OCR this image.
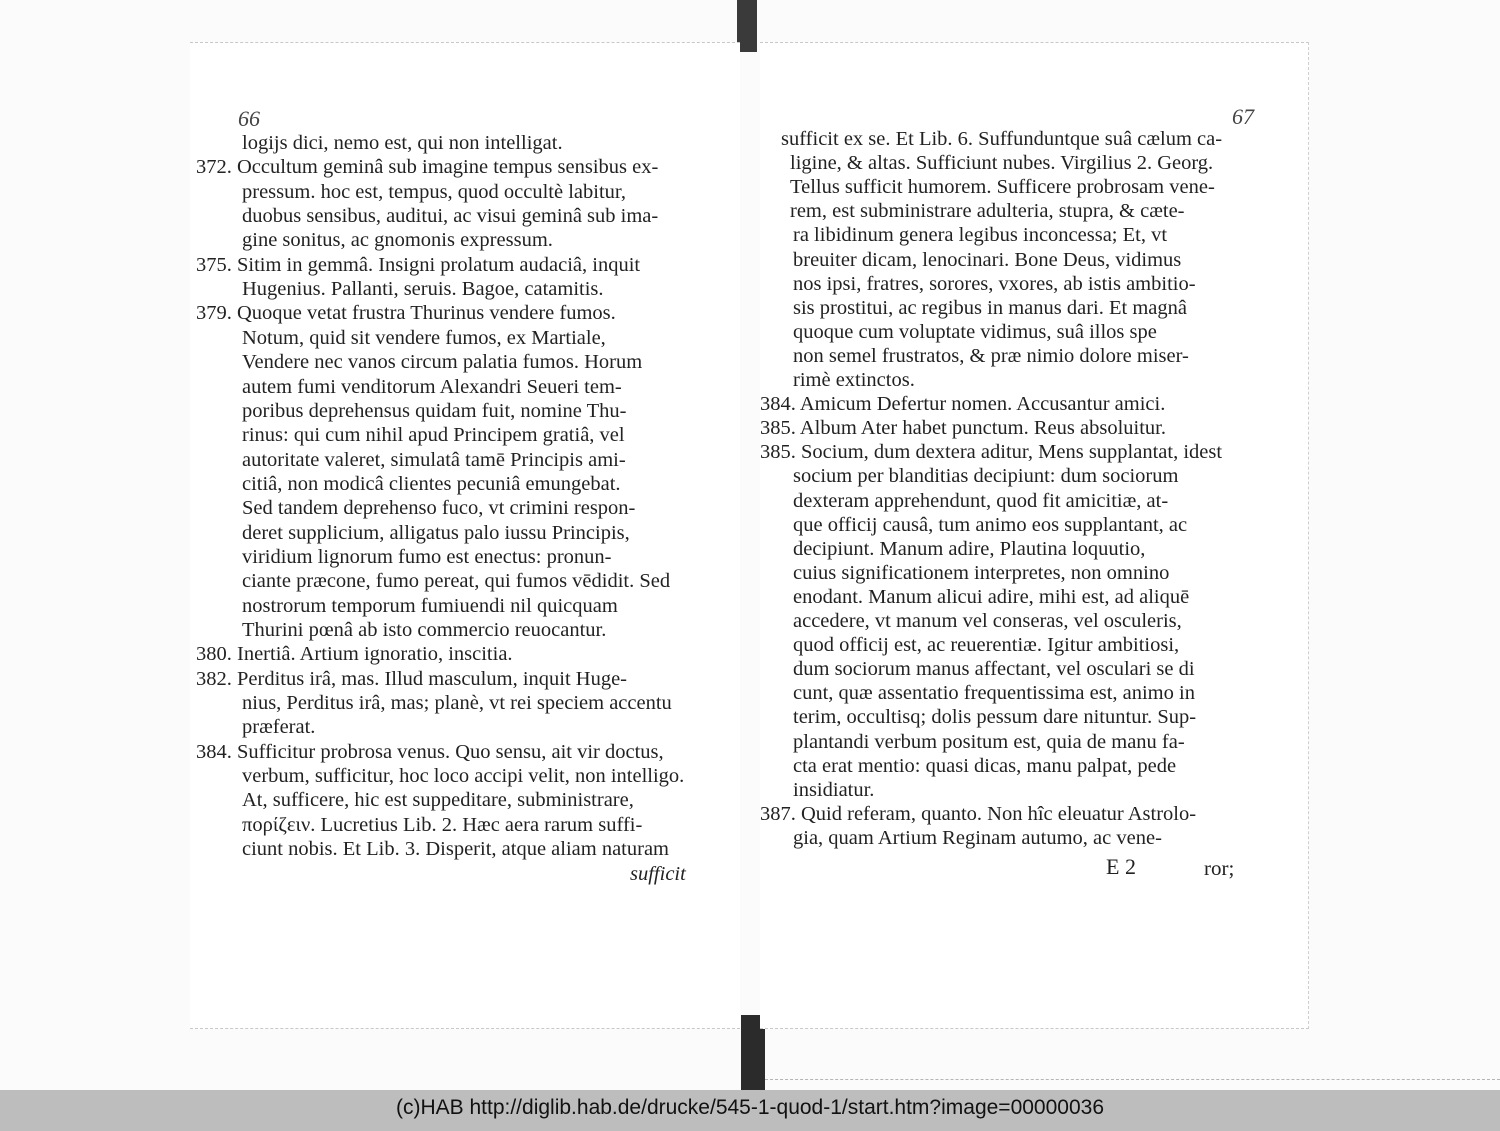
66	67
logijs dici, nemo est, qui non intelligat.
372. Occultum geminâ sub imagine tempus sensibus ex-
pressum. hoc est, tempus, quod occultè labitur,
duobus sensibus, auditui, ac visui geminâ sub ima-
gine sonitus, ac gnomonis expressum.
375. Sitim in gemmâ. Insigni prolatum audaciâ, inquit
Hugenius. Pallanti, seruis. Bagoe, catamitis.
379. Quoque vetat frustra Thurinus vendere fumos.
Notum, quid sit vendere fumos, ex Martiale,
Vendere nec vanos circum palatia fumos. Horum
autem fumi venditorum Alexandri Seueri tem-
poribus deprehensus quidam fuit, nomine Thu-
rinus: qui cum nihil apud Principem gratiâ, vel
autoritate valeret, simulatâ tamē Principis ami-
citiâ, non modicâ clientes pecuniâ emungebat.
Sed tandem deprehenso fuco, vt crimini respon-
deret supplicium, alligatus palo iussu Principis,
viridium lignorum fumo est enectus: pronun-
ciante præcone, fumo pereat, qui fumos vēdidit. Sed
nostrorum temporum fumiuendi nil quicquam
Thurini pœnâ ab isto commercio reuocantur.
380. Inertiâ. Artium ignoratio, inscitia.
382. Perditus irâ, mas. Illud masculum, inquit Huge-
nius, Perditus irâ, mas; planè, vt rei speciem accentu
præferat.
384. Sufficitur probrosa venus. Quo sensu, ait vir doctus,
verbum, sufficitur, hoc loco accipi velit, non intelligo.
At, sufficere, hic est suppeditare, subministrare,
πορίζειν. Lucretius Lib. 2. Hæc aera rarum suffi-
ciunt nobis. Et Lib. 3. Disperit, atque aliam naturam
sufficit
sufficit ex se. Et Lib. 6. Suffunduntque suâ cælum ca-
ligine, & altas. Sufficiunt nubes. Virgilius 2. Georg.
Tellus sufficit humorem. Sufficere probrosam vene-
rem, est subministrare adulteria, stupra, & cæte-
ra libidinum genera legibus inconcessa; Et, vt
breuiter dicam, lenocinari. Bone Deus, vidimus
nos ipsi, fratres, sorores, vxores, ab istis ambitio-
sis prostitui, ac regibus in manus dari. Et magnâ
quoque cum voluptate vidimus, suâ illos spe
non semel frustratos, & præ nimio dolore miser-
rimè extinctos.
384. Amicum Defertur nomen. Accusantur amici.
385. Album Ater habet punctum. Reus absoluitur.
385. Socium, dum dextera aditur, Mens supplantat, idest
socium per blanditias decipiunt: dum sociorum
dexteram apprehendunt, quod fit amicitiæ, at-
que officij causâ, tum animo eos supplantant, ac
decipiunt. Manum adire, Plautina loquutio,
cuius significationem interpretes, non omnino
enodant. Manum alicui adire, mihi est, ad aliquē
accedere, vt manum vel conseras, vel osculeris,
quod officij est, ac reuerentiæ. Igitur ambitiosi,
dum sociorum manus affectant, vel osculari se di
cunt, quæ assentatio frequentissima est, animo in
terim, occultisq; dolis pessum dare nituntur. Sup-
plantandi verbum positum est, quia de manu fa-
cta erat mentio: quasi dicas, manu palpat, pede
insidiatur.
387. Quid referam, quanto. Non hîc eleuatur Astrolo-
gia, quam Artium Reginam autumo, ac vene-
E 2	ror;
(c)HAB http://diglib.hab.de/drucke/545-1-quod-1/start.htm?image=00000036
